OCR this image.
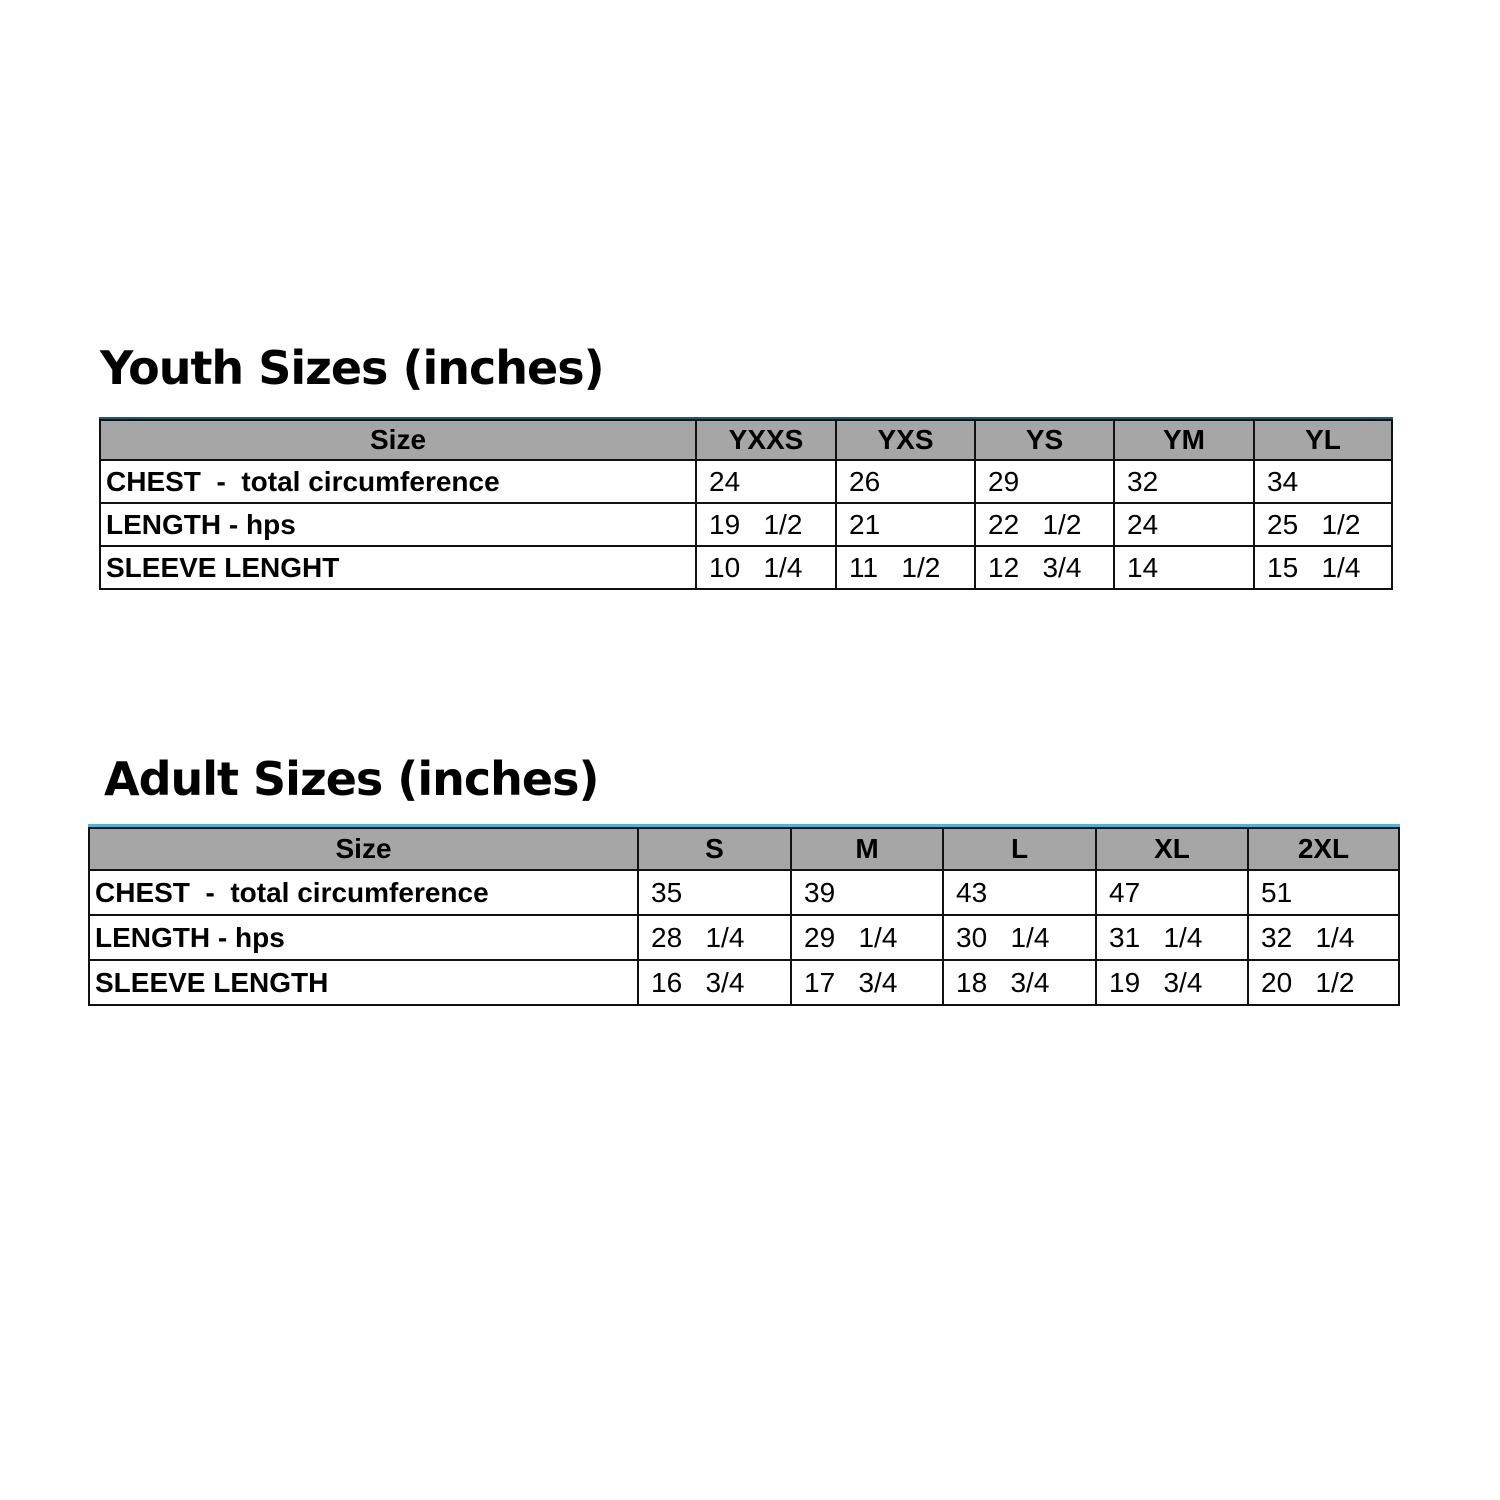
Youth Sizes (inches)
Size	YXXS	YXS	YS	YM	YL
CHEST  -  total circumference	24	26	29	32	34
LENGTH - hps	19   1/2	21	22   1/2	24	25   1/2
SLEEVE LENGHT	10   1/4	11   1/2	12   3/4	14	15   1/4
Adult Sizes (inches)
Size	S	M	L	XL	2XL
CHEST  -  total circumference	35	39	43	47	51
LENGTH - hps	28   1/4	29   1/4	30   1/4	31   1/4	32   1/4
SLEEVE LENGTH	16   3/4	17   3/4	18   3/4	19   3/4	20   1/2
